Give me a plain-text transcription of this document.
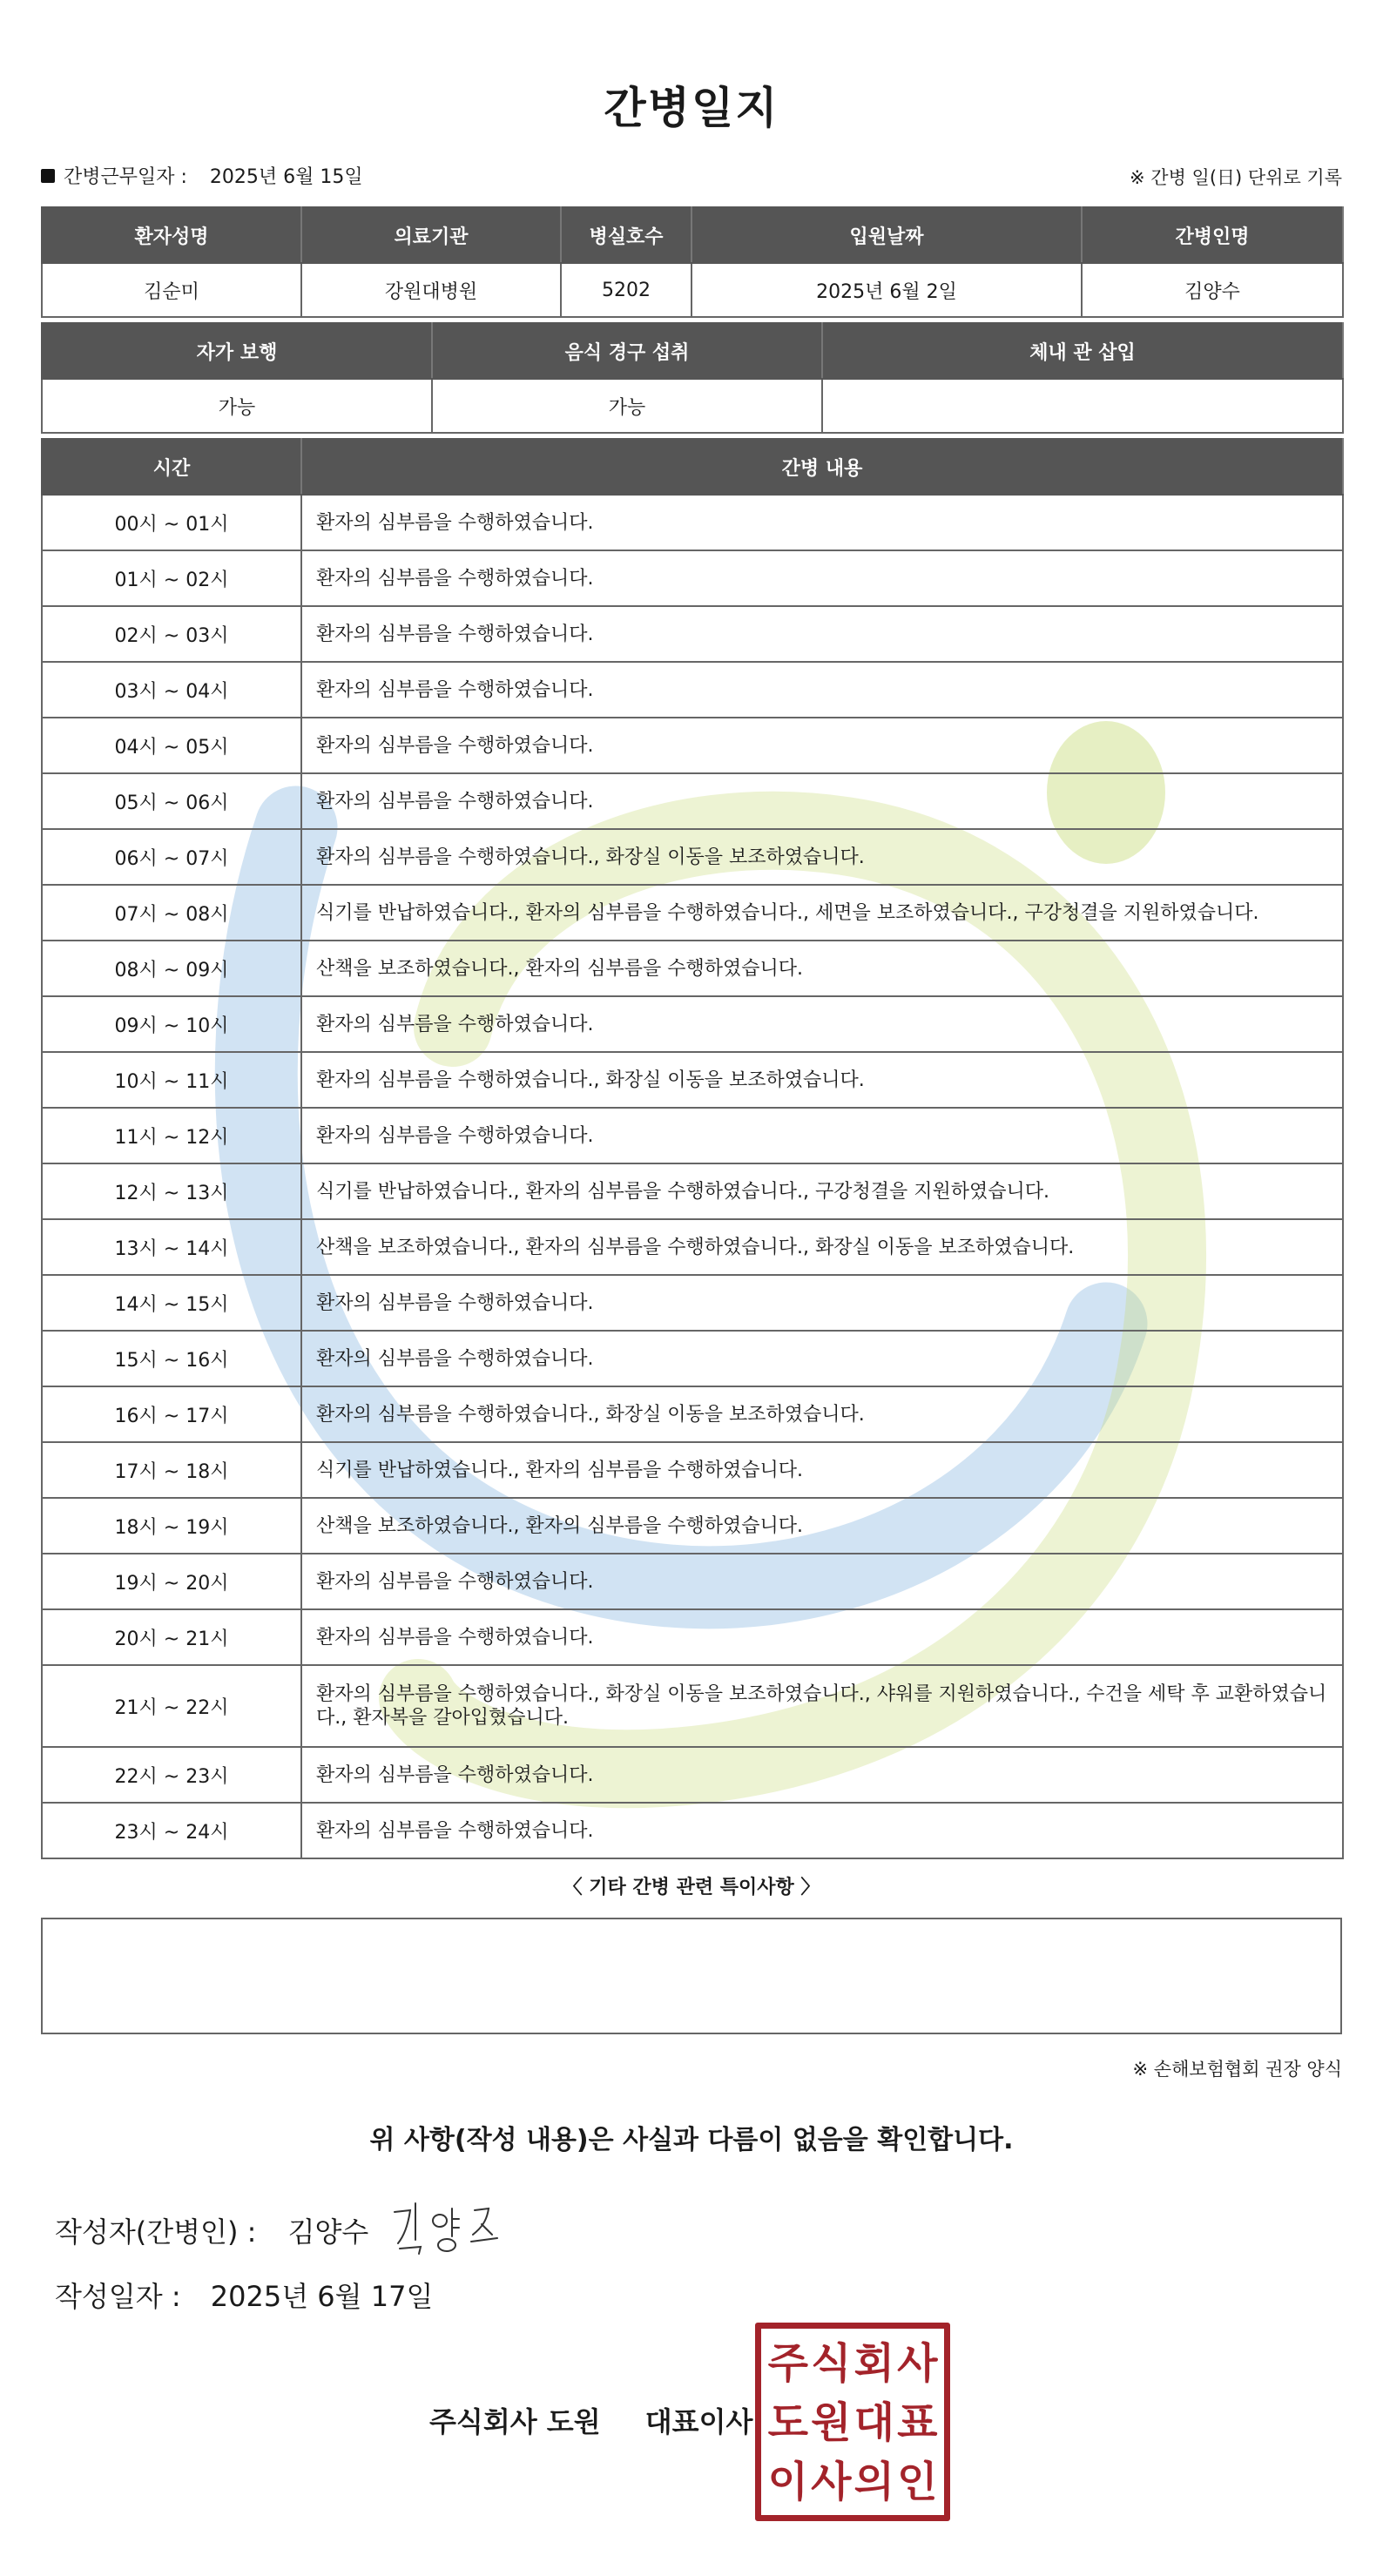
간병일지
간병근무일자 : 2025년 6월 15일	※ 간병 일(日) 단위로 기록
환자성명	의료기관	병실호수	입원날짜	간병인명
김순미	강원대병원	5202	2025년 6월 2일	김양수
자가 보행	음식 경구 섭취	체내 관 삽입
가능	가능	
시간	간병 내용
00시 ~ 01시	환자의 심부름을 수행하였습니다.
01시 ~ 02시	환자의 심부름을 수행하였습니다.
02시 ~ 03시	환자의 심부름을 수행하였습니다.
03시 ~ 04시	환자의 심부름을 수행하였습니다.
04시 ~ 05시	환자의 심부름을 수행하였습니다.
05시 ~ 06시	환자의 심부름을 수행하였습니다.
06시 ~ 07시	환자의 심부름을 수행하였습니다., 화장실 이동을 보조하였습니다.
07시 ~ 08시	식기를 반납하였습니다., 환자의 심부름을 수행하였습니다., 세면을 보조하였습니다., 구강청결을 지원하였습니다.
08시 ~ 09시	산책을 보조하였습니다., 환자의 심부름을 수행하였습니다.
09시 ~ 10시	환자의 심부름을 수행하였습니다.
10시 ~ 11시	환자의 심부름을 수행하였습니다., 화장실 이동을 보조하였습니다.
11시 ~ 12시	환자의 심부름을 수행하였습니다.
12시 ~ 13시	식기를 반납하였습니다., 환자의 심부름을 수행하였습니다., 구강청결을 지원하였습니다.
13시 ~ 14시	산책을 보조하였습니다., 환자의 심부름을 수행하였습니다., 화장실 이동을 보조하였습니다.
14시 ~ 15시	환자의 심부름을 수행하였습니다.
15시 ~ 16시	환자의 심부름을 수행하였습니다.
16시 ~ 17시	환자의 심부름을 수행하였습니다., 화장실 이동을 보조하였습니다.
17시 ~ 18시	식기를 반납하였습니다., 환자의 심부름을 수행하였습니다.
18시 ~ 19시	산책을 보조하였습니다., 환자의 심부름을 수행하였습니다.
19시 ~ 20시	환자의 심부름을 수행하였습니다.
20시 ~ 21시	환자의 심부름을 수행하였습니다.
21시 ~ 22시	환자의 심부름을 수행하였습니다., 화장실 이동을 보조하였습니다., 샤워를 지원하였습니다., 수건을 세탁 후 교환하였습니다., 환자복을 갈아입혔습니다.
22시 ~ 23시	환자의 심부름을 수행하였습니다.
23시 ~ 24시	환자의 심부름을 수행하였습니다.
〈 기타 간병 관련 특이사항 〉
※ 손해보험협회 권장 양식
위 사항(작성 내용)은 사실과 다름이 없음을 확인합니다.
작성자(간병인) : 김양수
작성일자 : 2025년 6월 17일
주식회사 도원 대표이사
주 식 회 사
도 원 대 표
이 사 의 인
